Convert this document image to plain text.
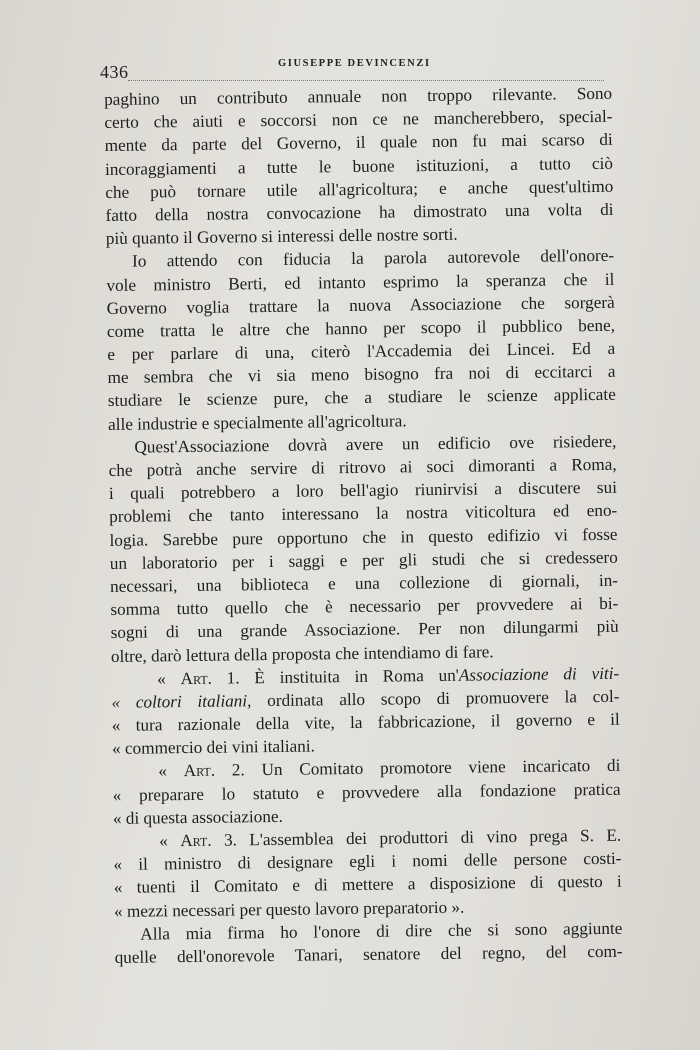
436	GIUSEPPE DEVINCENZI
paghino un contributo annuale non troppo rilevante. Sono
certo che aiuti e soccorsi non ce ne mancherebbero, special-
mente da parte del Governo, il quale non fu mai scarso di
incoraggiamenti a tutte le buone istituzioni, a tutto ciò
che può tornare utile all'agricoltura; e anche quest'ultimo
fatto della nostra convocazione ha dimostrato una volta di
più quanto il Governo si interessi delle nostre sorti.
Io attendo con fiducia la parola autorevole dell'onore-
vole ministro Berti, ed intanto esprimo la speranza che il
Governo voglia trattare la nuova Associazione che sorgerà
come tratta le altre che hanno per scopo il pubblico bene,
e per parlare di una, citerò l'Accademia dei Lincei. Ed a
me sembra che vi sia meno bisogno fra noi di eccitarci a
studiare le scienze pure, che a studiare le scienze applicate
alle industrie e specialmente all'agricoltura.
Quest'Associazione dovrà avere un edificio ove risiedere,
che potrà anche servire di ritrovo ai soci dimoranti a Roma,
i quali potrebbero a loro bell'agio riunirvisi a discutere sui
problemi che tanto interessano la nostra viticoltura ed eno-
logia. Sarebbe pure opportuno che in questo edifizio vi fosse
un laboratorio per i saggi e per gli studi che si credessero
necessari, una biblioteca e una collezione di giornali, in-
somma tutto quello che è necessario per provvedere ai bi-
sogni di una grande Associazione. Per non dilungarmi più
oltre, darò lettura della proposta che intendiamo di fare.
« Art. 1. È instituita in Roma un'Associazione di viti-
« coltori italiani, ordinata allo scopo di promuovere la col-
« tura razionale della vite, la fabbricazione, il governo e il
« commercio dei vini italiani.
« Art. 2. Un Comitato promotore viene incaricato di
« preparare lo statuto e provvedere alla fondazione pratica
« di questa associazione.
« Art. 3. L'assemblea dei produttori di vino prega S. E.
« il ministro di designare egli i nomi delle persone costi-
« tuenti il Comitato e di mettere a disposizione di questo i
« mezzi necessari per questo lavoro preparatorio ».
Alla mia firma ho l'onore di dire che si sono aggiunte
quelle dell'onorevole Tanari, senatore del regno, del com-
